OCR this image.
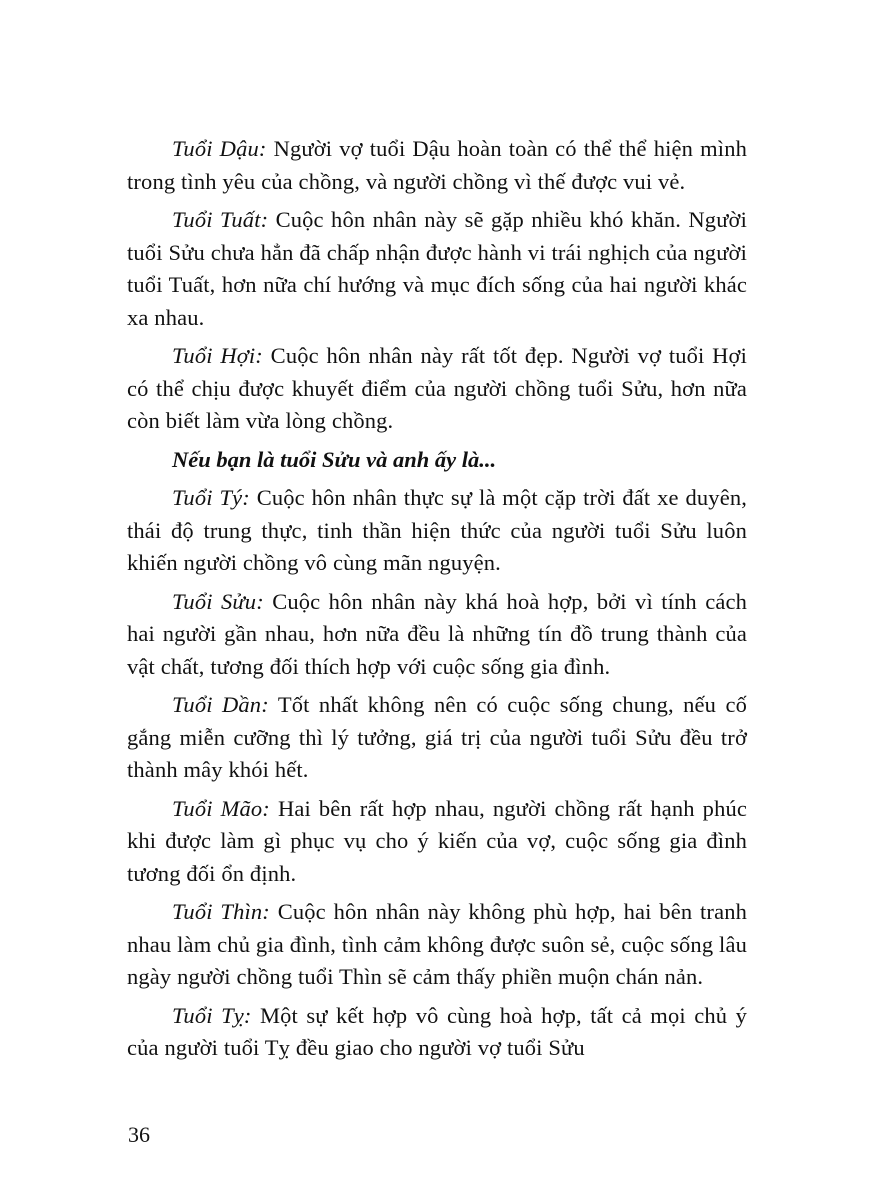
Tuổi Dậu: Người vợ tuổi Dậu hoàn toàn có thể thể hiện mình trong tình yêu của chồng, và người chồng vì thế được vui vẻ.

Tuổi Tuất: Cuộc hôn nhân này sẽ gặp nhiều khó khăn. Người tuổi Sửu chưa hẳn đã chấp nhận được hành vi trái nghịch của người tuổi Tuất, hơn nữa chí hướng và mục đích sống của hai người khác xa nhau.

Tuổi Hợi: Cuộc hôn nhân này rất tốt đẹp. Người vợ tuổi Hợi có thể chịu được khuyết điểm của người chồng tuổi Sửu, hơn nữa còn biết làm vừa lòng chồng.

Nếu bạn là tuổi Sửu và anh ấy là...

Tuổi Tý: Cuộc hôn nhân thực sự là một cặp trời đất xe duyên, thái độ trung thực, tinh thần hiện thức của người tuổi Sửu luôn khiến người chồng vô cùng mãn nguyện.

Tuổi Sửu: Cuộc hôn nhân này khá hoà hợp, bởi vì tính cách hai người gần nhau, hơn nữa đều là những tín đồ trung thành của vật chất, tương đối thích hợp với cuộc sống gia đình.

Tuổi Dần: Tốt nhất không nên có cuộc sống chung, nếu cố gắng miễn cưỡng thì lý tưởng, giá trị của người tuổi Sửu đều trở thành mây khói hết.

Tuổi Mão: Hai bên rất hợp nhau, người chồng rất hạnh phúc khi được làm gì phục vụ cho ý kiến của vợ, cuộc sống gia đình tương đối ổn định.

Tuổi Thìn: Cuộc hôn nhân này không phù hợp, hai bên tranh nhau làm chủ gia đình, tình cảm không được suôn sẻ, cuộc sống lâu ngày người chồng tuổi Thìn sẽ cảm thấy phiền muộn chán nản.

Tuổi Tỵ: Một sự kết hợp vô cùng hoà hợp, tất cả mọi chủ ý của người tuổi Tỵ đều giao cho người vợ tuổi Sửu

36
